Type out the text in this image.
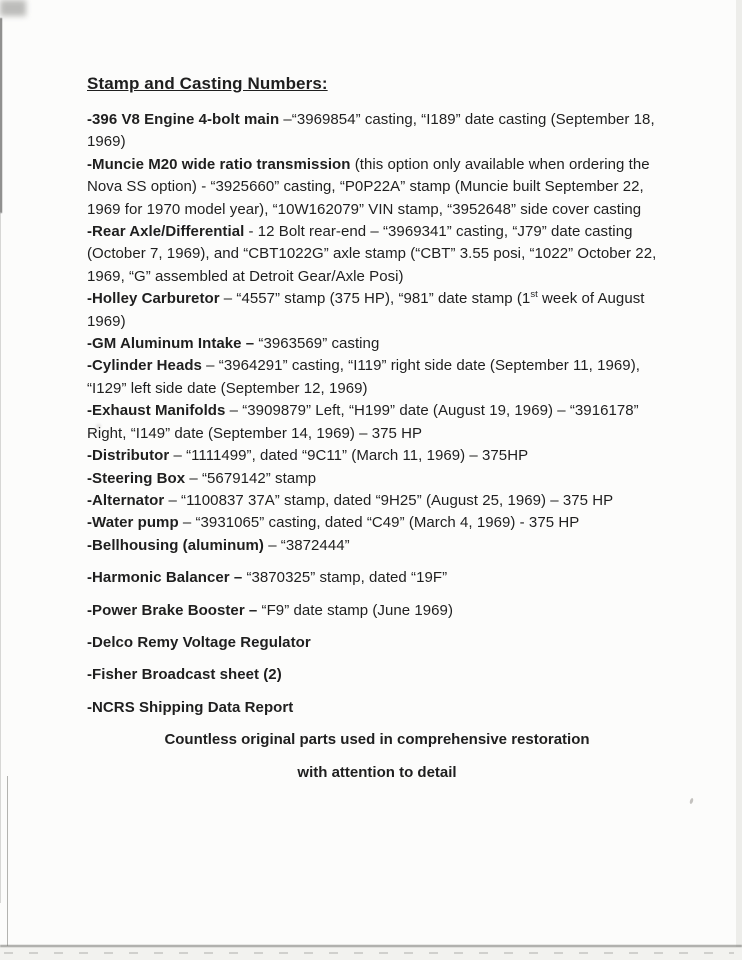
Stamp and Casting Numbers:

-396 V8 Engine 4-bolt main –“3969854” casting, “I189” date casting (September 18, 1969)

-Muncie M20 wide ratio transmission (this option only available when ordering the Nova SS option) - “3925660” casting, “P0P22A” stamp (Muncie built September 22, 1969 for 1970 model year), “10W162079” VIN stamp, “3952648” side cover casting

-Rear Axle/Differential - 12 Bolt rear-end – “3969341” casting, “J79” date casting (October 7, 1969), and “CBT1022G” axle stamp (“CBT” 3.55 posi, “1022” October 22, 1969, “G” assembled at Detroit Gear/Axle Posi)

-Holley Carburetor – “4557” stamp (375 HP), “981” date stamp (1st week of August 1969)

-GM Aluminum Intake – “3963569” casting

-Cylinder Heads – “3964291” casting, “I119” right side date (September 11, 1969), “I129” left side date (September 12, 1969)

-Exhaust Manifolds – “3909879” Left, “H199” date (August 19, 1969) – “3916178” Right, “I149” date (September 14, 1969) – 375 HP

-Distributor – “1111499”, dated “9C11” (March 11, 1969) – 375HP

-Steering Box – “5679142” stamp

-Alternator – “1100837 37A” stamp, dated “9H25” (August 25, 1969) – 375 HP

-Water pump – “3931065” casting, dated “C49” (March 4, 1969) - 375 HP

-Bellhousing (aluminum) – “3872444”

-Harmonic Balancer – “3870325” stamp, dated “19F”

-Power Brake Booster – “F9” date stamp (June 1969)

-Delco Remy Voltage Regulator

-Fisher Broadcast sheet (2)

-NCRS Shipping Data Report

Countless original parts used in comprehensive restoration

with attention to detail
